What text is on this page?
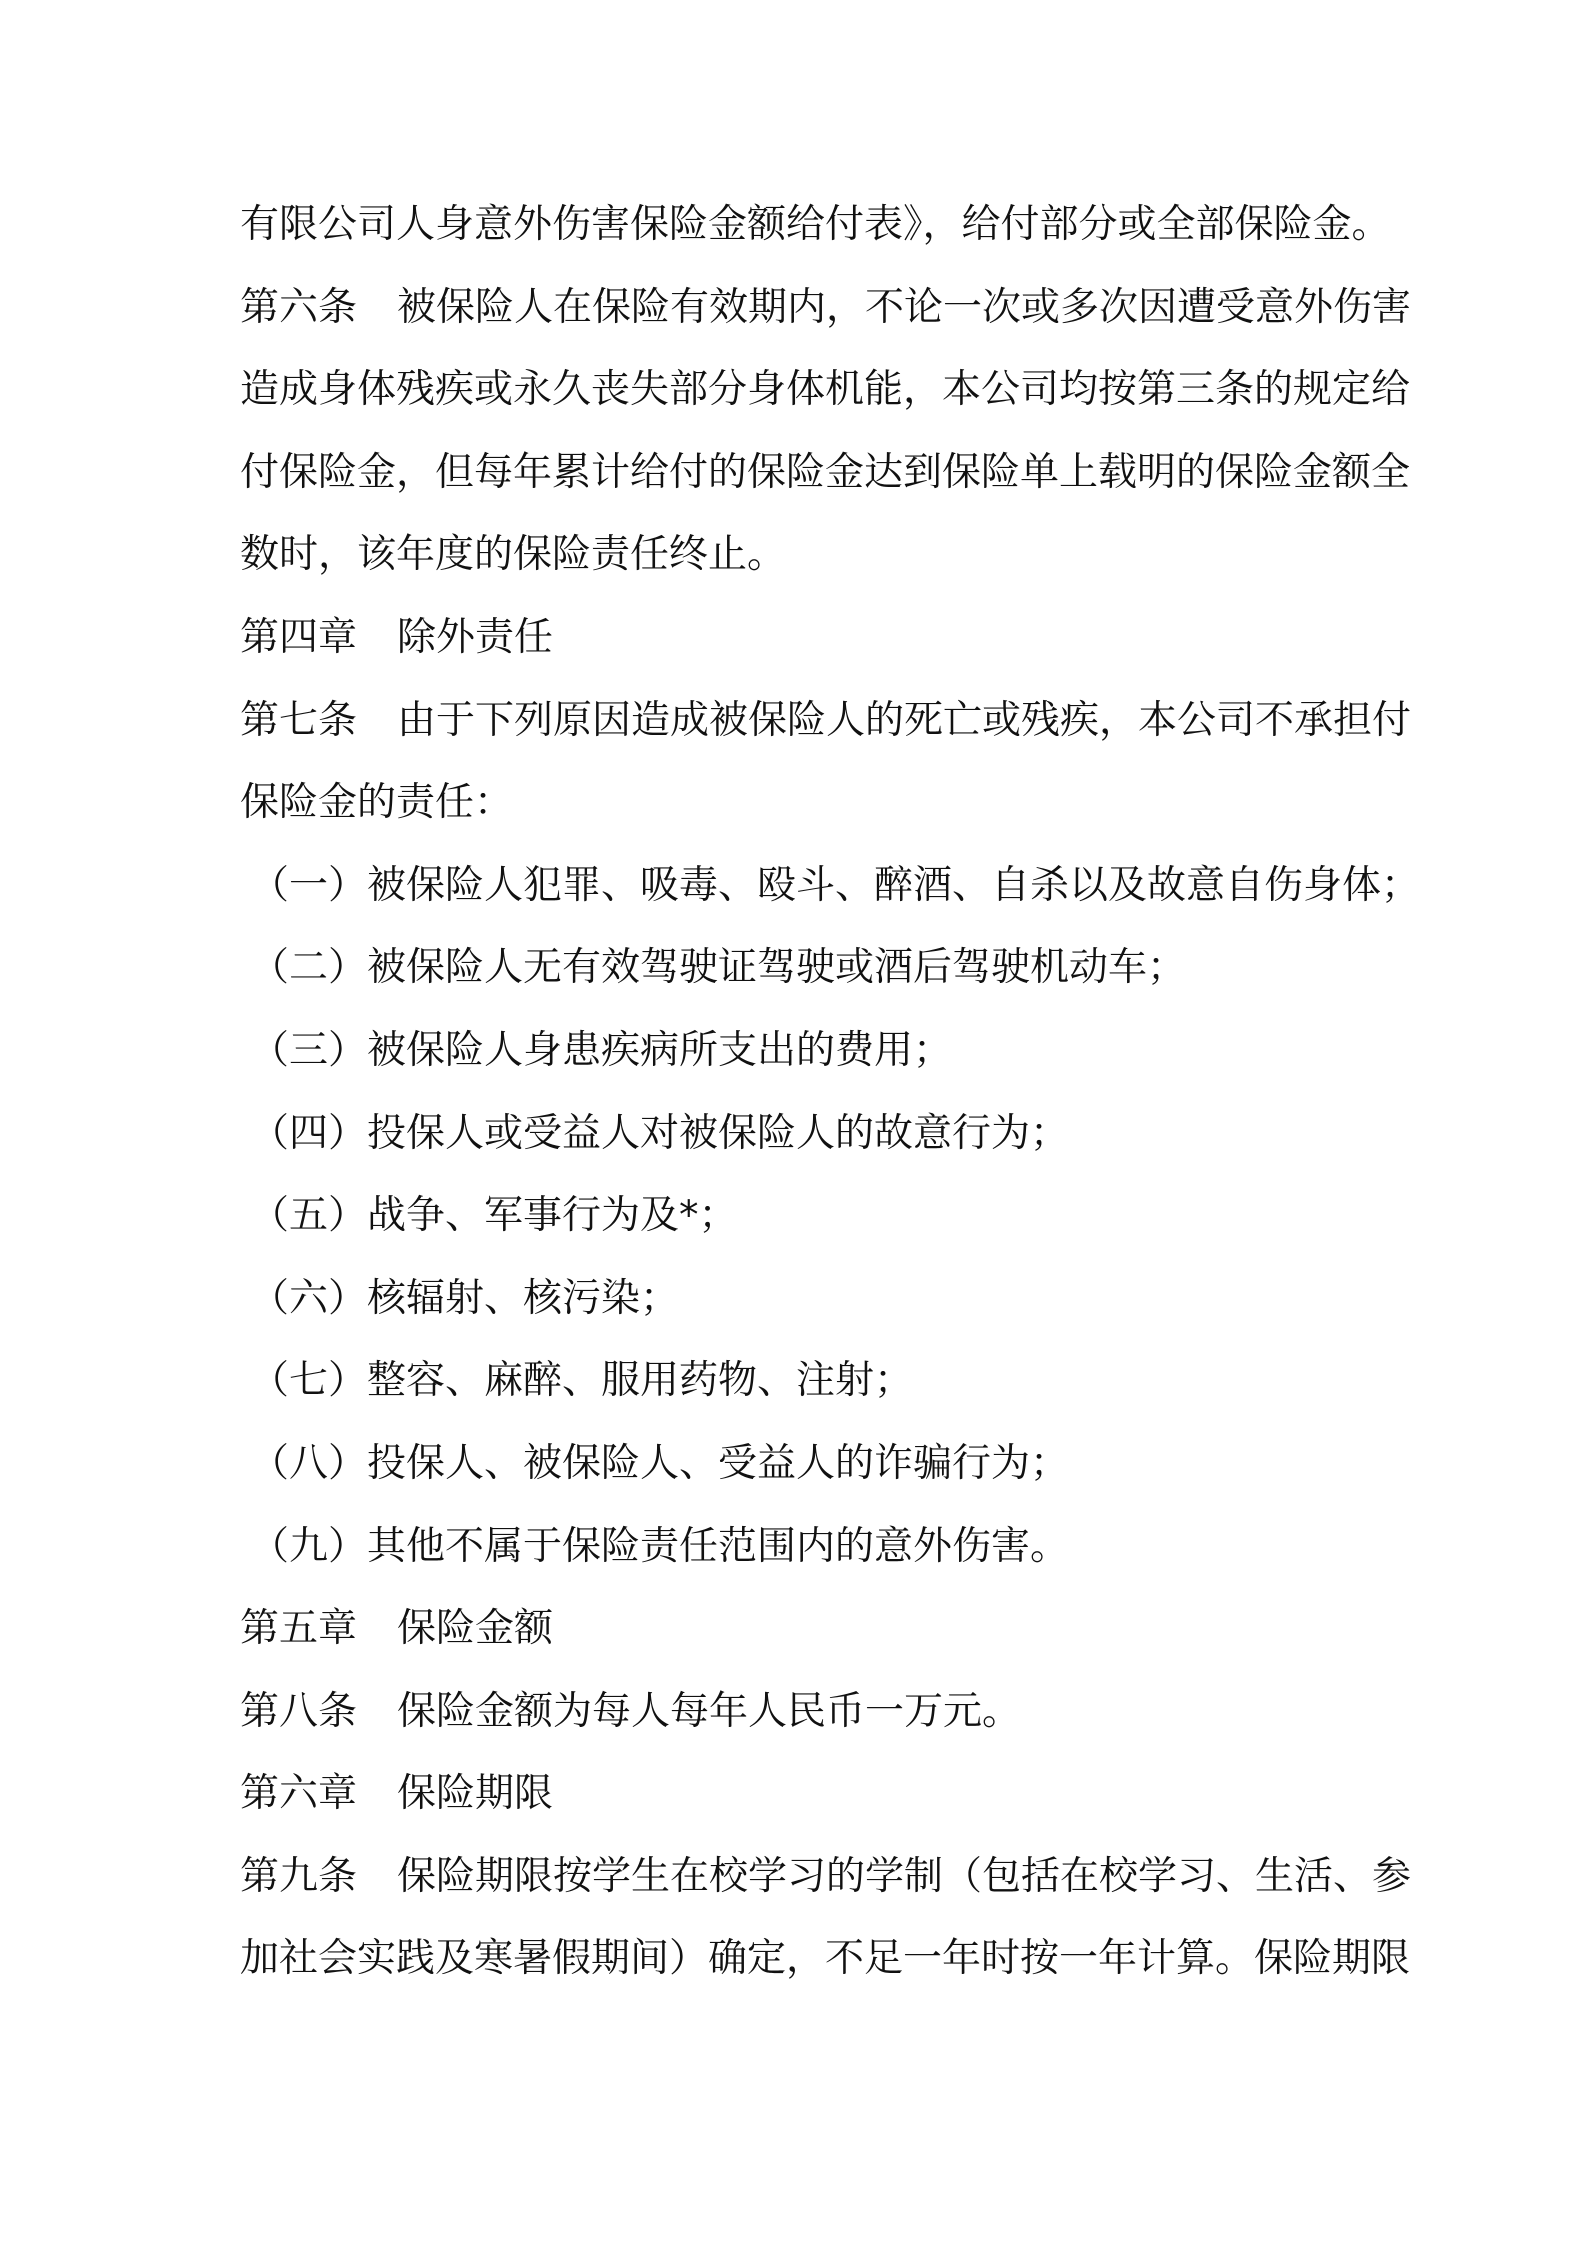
有限公司人身意外伤害保险金额给付表》，给付部分或全部保险金。
第六条 被保险人在保险有效期内，不论一次或多次因遭受意外伤害
造成身体残疾或永久丧失部分身体机能，本公司均按第三条的规定给
付保险金，但每年累计给付的保险金达到保险单上载明的保险金额全
数时，该年度的保险责任终止。
第四章 除外责任
第七条 由于下列原因造成被保险人的死亡或残疾，本公司不承担付
保险金的责任：
（一）被保险人犯罪、吸毒、殴斗、醉酒、自杀以及故意自伤身体；
（二）被保险人无有效驾驶证驾驶或酒后驾驶机动车；
（三）被保险人身患疾病所支出的费用；
（四）投保人或受益人对被保险人的故意行为；
（五）战争、军事行为及*；
（六）核辐射、核污染；
（七）整容、麻醉、服用药物、注射；
（八）投保人、被保险人、受益人的诈骗行为；
（九）其他不属于保险责任范围内的意外伤害。
第五章 保险金额
第八条 保险金额为每人每年人民币一万元。
第六章 保险期限
第九条 保险期限按学生在校学习的学制（包括在校学习、生活、参
加社会实践及寒暑假期间）确定，不足一年时按一年计算。保险期限
